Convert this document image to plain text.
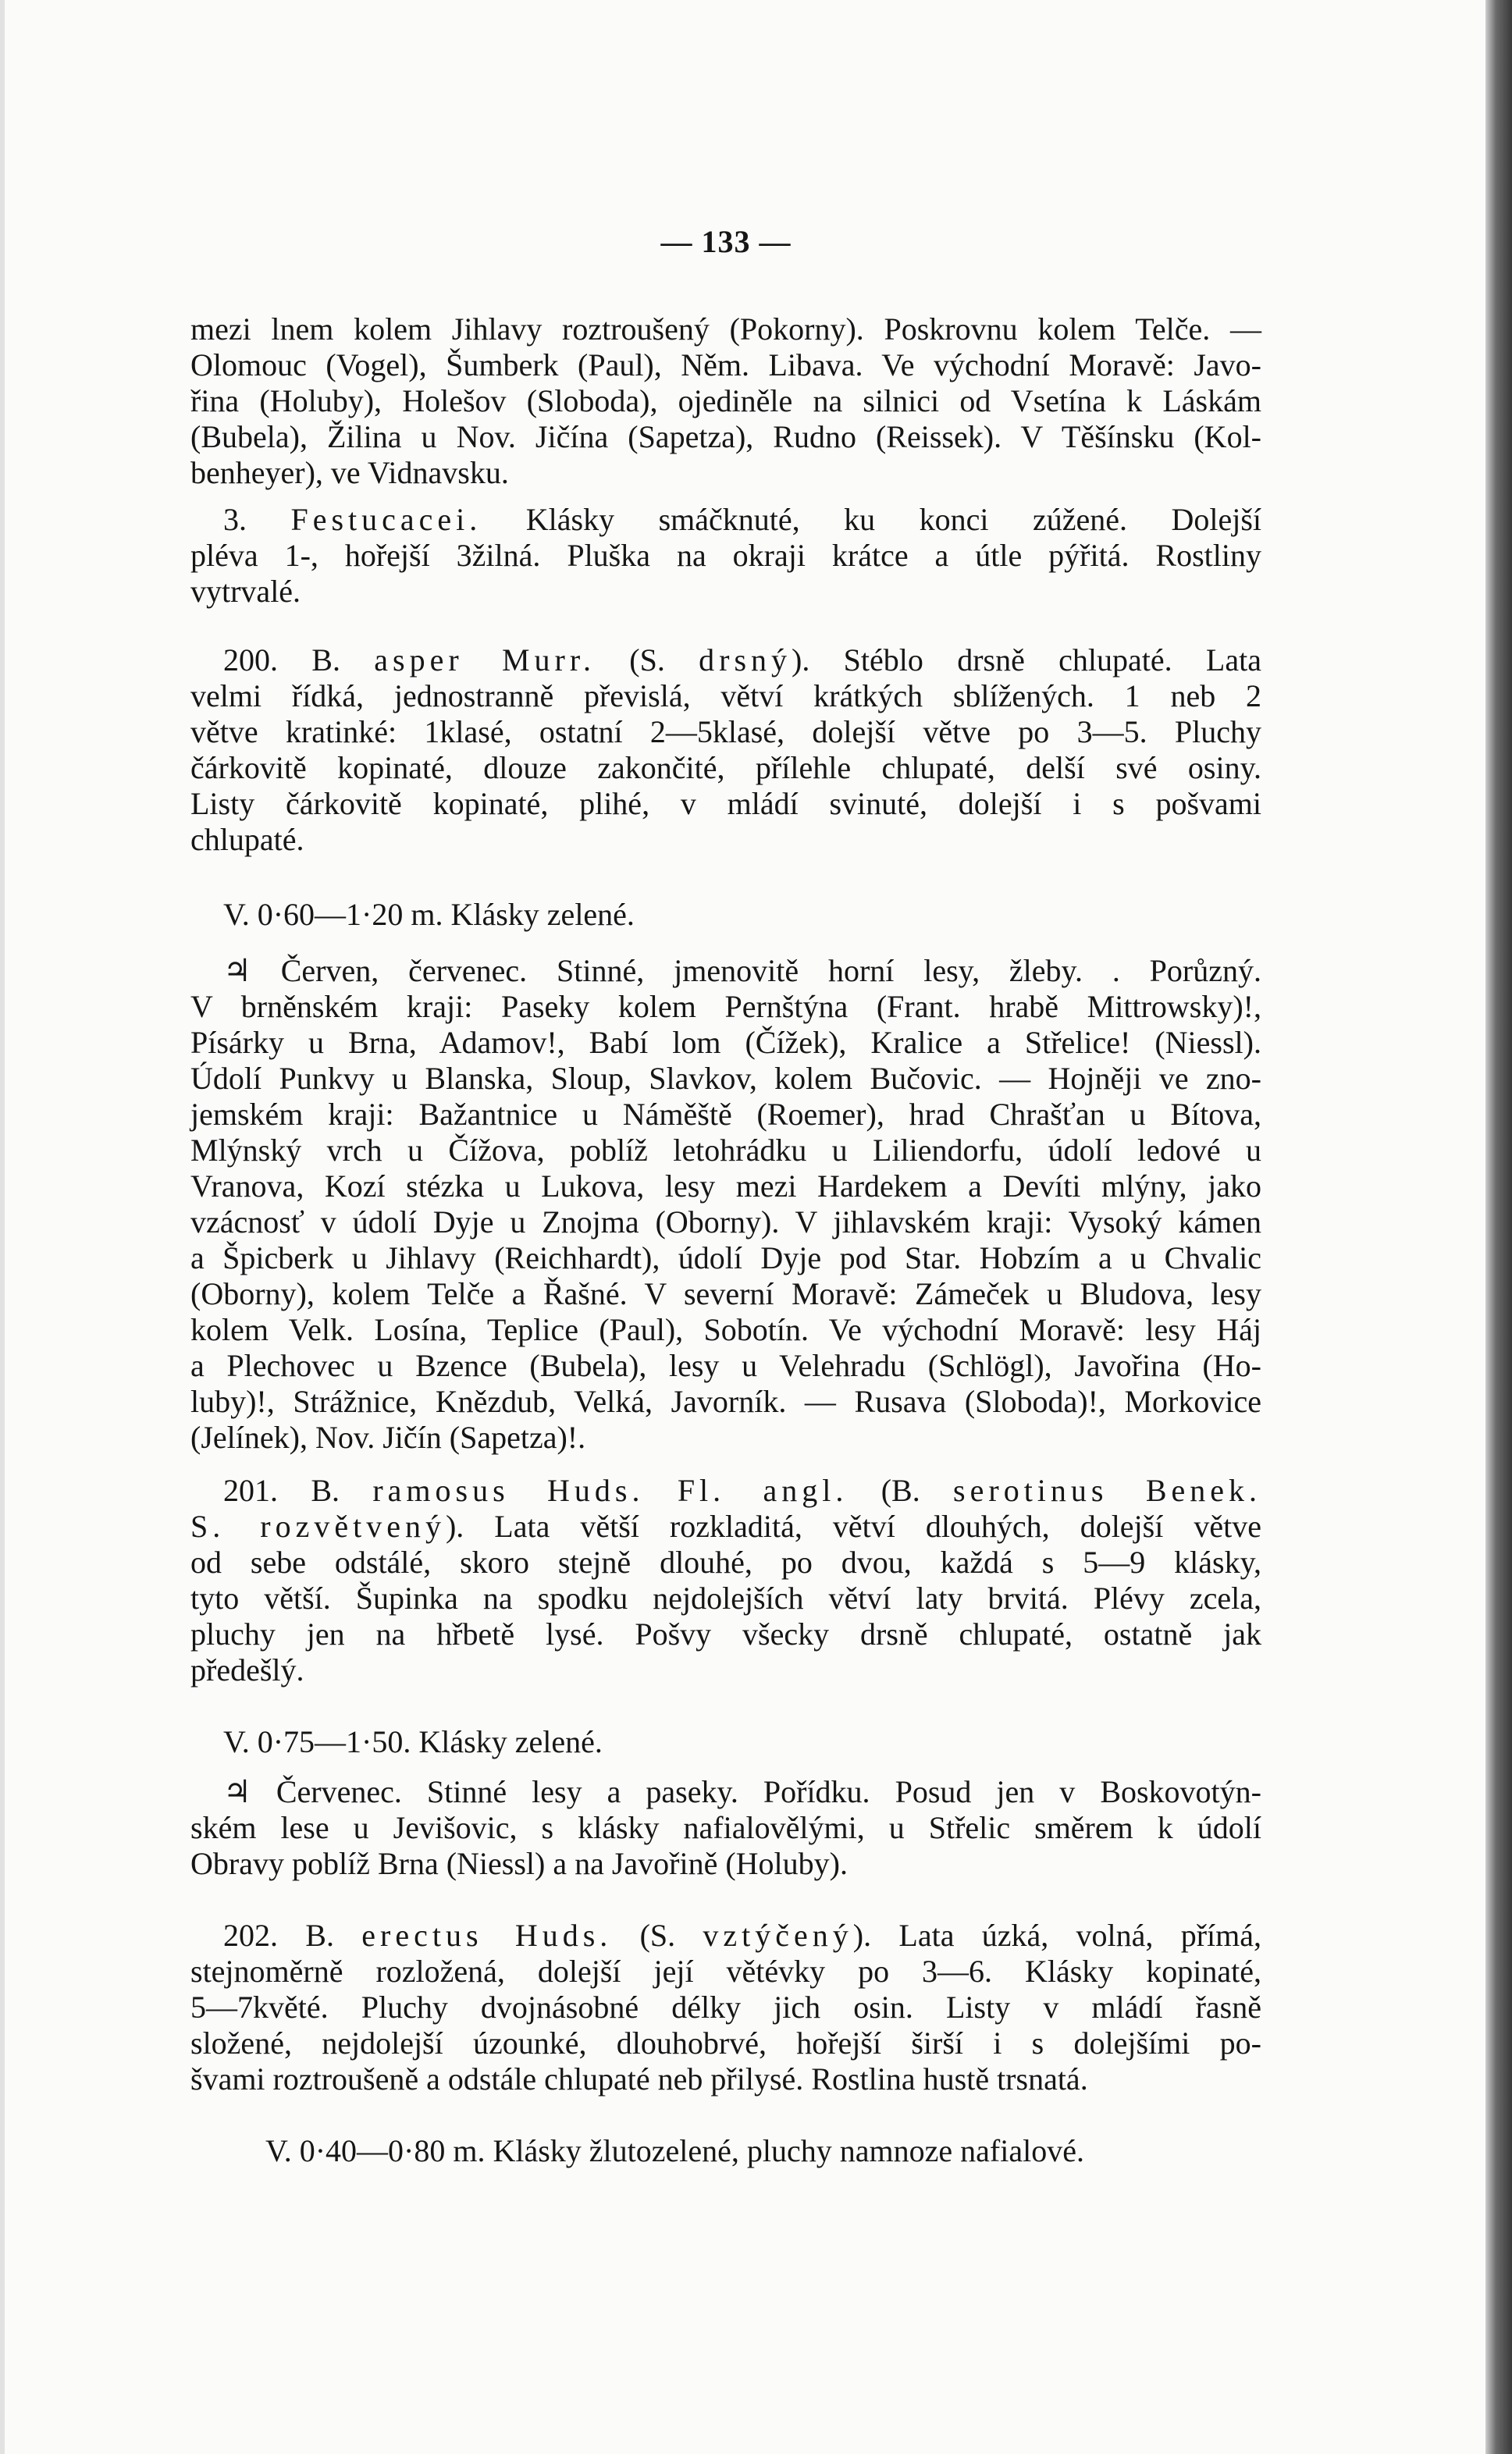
— 133 —
mezi lnem kolem Jihlavy roztroušený (Pokorny). Poskrovnu kolem Telče. —
Olomouc (Vogel), Šumberk (Paul), Něm. Libava. Ve východní Moravě: Javo-
řina (Holuby), Holešov (Sloboda), ojediněle na silnici od Vsetína k Láskám
(Bubela), Žilina u Nov. Jičína (Sapetza), Rudno (Reissek). V Těšínsku (Kol-
benheyer), ve Vidnavsku.
3. Festucacei. Klásky smáčknuté, ku konci zúžené. Dolejší
pléva 1-, hořejší 3žilná. Pluška na okraji krátce a útle pýřitá. Rostliny
vytrvalé.
200. B. asper Murr. (S. drsný). Stéblo drsně chlupaté. Lata
velmi řídká, jednostranně převislá, větví krátkých sblížených. 1 neb 2
větve kratinké: 1klasé, ostatní 2—5klasé, dolejší větve po 3—5. Pluchy
čárkovitě kopinaté, dlouze zakončité, přílehle chlupaté, delší své osiny.
Listy čárkovitě kopinaté, plihé, v mládí svinuté, dolejší i s pošvami
chlupaté.
V. 0·60—1·20 m. Klásky zelené.
♃ Červen, červenec. Stinné, jmenovitě horní lesy, žleby. . Porůzný.
V brněnském kraji: Paseky kolem Pernštýna (Frant. hrabě Mittrowsky)!,
Písárky u Brna, Adamov!, Babí lom (Čížek), Kralice a Střelice! (Niessl).
Údolí Punkvy u Blanska, Sloup, Slavkov, kolem Bučovic. — Hojněji ve zno-
jemském kraji: Bažantnice u Náměště (Roemer), hrad Chrašťan u Bítova,
Mlýnský vrch u Čížova, poblíž letohrádku u Liliendorfu, údolí ledové u
Vranova, Kozí stézka u Lukova, lesy mezi Hardekem a Devíti mlýny, jako
vzácnosť v údolí Dyje u Znojma (Oborny). V jihlavském kraji: Vysoký kámen
a Špicberk u Jihlavy (Reichhardt), údolí Dyje pod Star. Hobzím a u Chvalic
(Oborny), kolem Telče a Řašné. V severní Moravě: Zámeček u Bludova, lesy
kolem Velk. Losína, Teplice (Paul), Sobotín. Ve východní Moravě: lesy Háj
a Plechovec u Bzence (Bubela), lesy u Velehradu (Schlögl), Javořina (Ho-
luby)!, Strážnice, Knězdub, Velká, Javorník. — Rusava (Sloboda)!, Morkovice
(Jelínek), Nov. Jičín (Sapetza)!.
201. B. ramosus Huds. Fl. angl. (B. serotinus Benek.
S. rozvětvený). Lata větší rozkladitá, větví dlouhých, dolejší větve
od sebe odstálé, skoro stejně dlouhé, po dvou, každá s 5—9 klásky,
tyto větší. Šupinka na spodku nejdolejších větví laty brvitá. Plévy zcela,
pluchy jen na hřbetě lysé. Pošvy všecky drsně chlupaté, ostatně jak
předešlý.
V. 0·75—1·50. Klásky zelené.
♃ Červenec. Stinné lesy a paseky. Pořídku. Posud jen v Boskovotýn-
ském lese u Jevišovic, s klásky nafialovělými, u Střelic směrem k údolí
Obravy poblíž Brna (Niessl) a na Javořině (Holuby).
202. B. erectus Huds. (S. vztýčený). Lata úzká, volná, přímá,
stejnoměrně rozložená, dolejší její větévky po 3—6. Klásky kopinaté,
5—7květé. Pluchy dvojnásobné délky jich osin. Listy v mládí řasně
složené, nejdolejší úzounké, dlouhobrvé, hořejší širší i s dolejšími po-
švami roztroušeně a odstále chlupaté neb přilysé. Rostlina hustě trsnatá.
V. 0·40—0·80 m. Klásky žlutozelené, pluchy namnoze nafialové.
